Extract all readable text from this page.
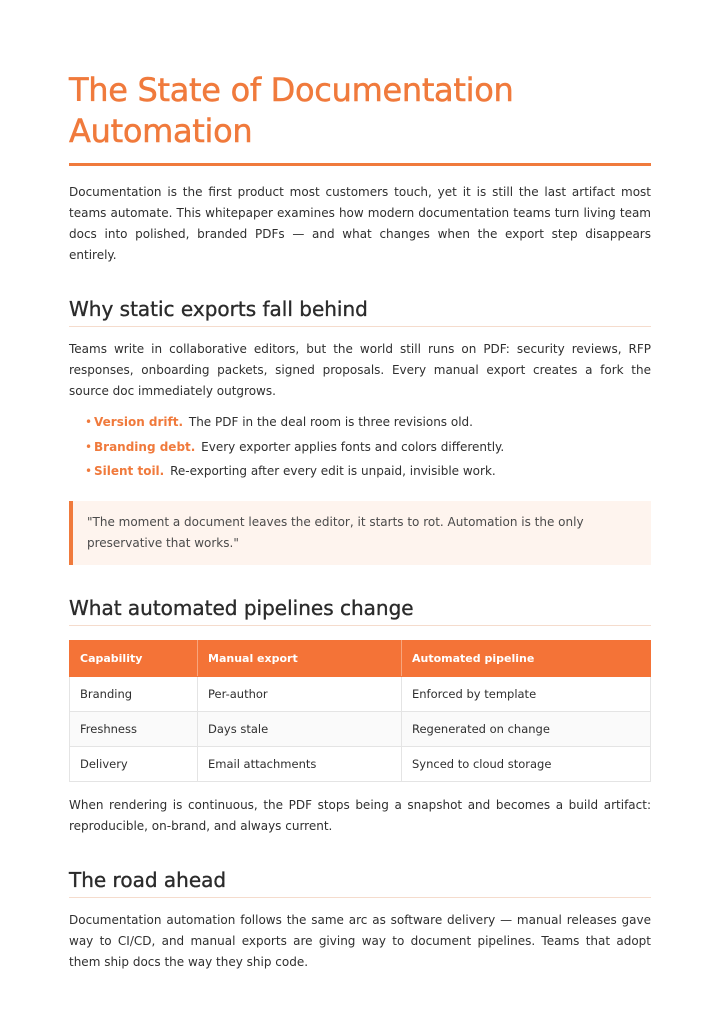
The State of Documentation
Automation

Documentation is the first product most customers touch, yet it is still the last artifact most teams automate. This whitepaper examines how modern documentation teams turn living team docs into polished, branded PDFs — and what changes when the export step disappears entirely.

Why static exports fall behind

Teams write in collaborative editors, but the world still runs on PDF: security reviews, RFP responses, onboarding packets, signed proposals. Every manual export creates a fork the source doc immediately outgrows.

• Version drift. The PDF in the deal room is three revisions old.
• Branding debt. Every exporter applies fonts and colors differently.
• Silent toil. Re-exporting after every edit is unpaid, invisible work.
"The moment a document leaves the editor, it starts to rot. Automation is the only preservative that works."
What automated pipelines change
Capability	Manual export	Automated pipeline
Branding	Per-author	Enforced by template
Freshness	Days stale	Regenerated on change
Delivery	Email attachments	Synced to cloud storage

When rendering is continuous, the PDF stops being a snapshot and becomes a build artifact: reproducible, on-brand, and always current.

The road ahead

Documentation automation follows the same arc as software delivery — manual releases gave way to CI/CD, and manual exports are giving way to document pipelines. Teams that adopt them ship docs the way they ship code.
